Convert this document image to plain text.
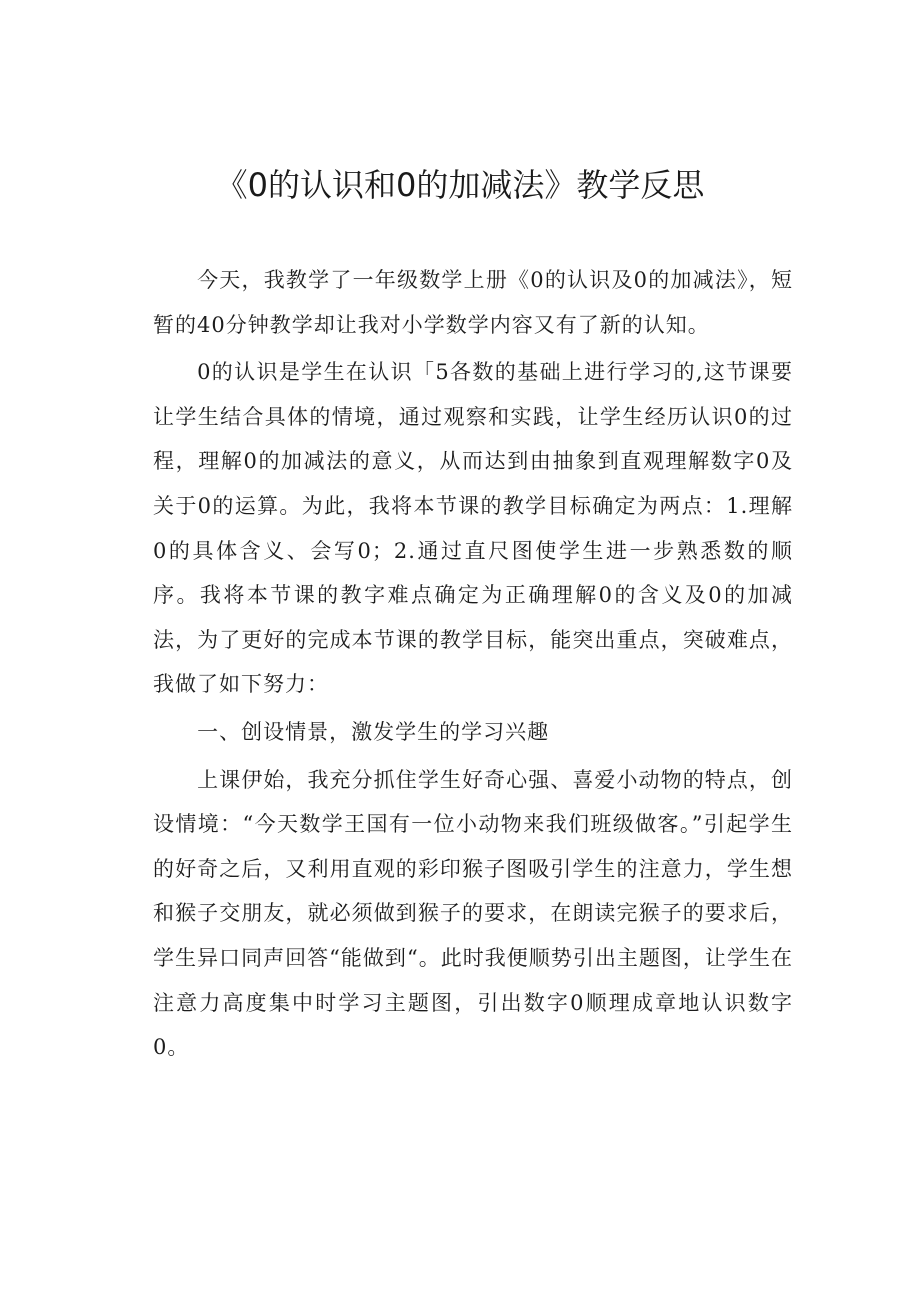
《0的认识和0的加减法》教学反思

今天，我教学了一年级数学上册《0的认识及0的加减法》，短暂的40分钟教学却让我对小学数学内容又有了新的认知。

0的认识是学生在认识「5各数的基础上进行学习的,这节课要让学生结合具体的情境，通过观察和实践，让学生经历认识0的过程，理解0的加减法的意义，从而达到由抽象到直观理解数字0及关于0的运算。为此，我将本节课的教学目标确定为两点：1.理解0的具体含义、会写0；2.通过直尺图使学生进一步熟悉数的顺序。我将本节课的教字难点确定为正确理解0的含义及0的加减法，为了更好的完成本节课的教学目标，能突出重点，突破难点，我做了如下努力：

一、创设情景，激发学生的学习兴趣

上课伊始，我充分抓住学生好奇心强、喜爱小动物的特点，创设情境：“今天数学王国有一位小动物来我们班级做客。”引起学生的好奇之后，又利用直观的彩印猴子图吸引学生的注意力，学生想和猴子交朋友，就必须做到猴子的要求，在朗读完猴子的要求后，学生异口同声回答“能做到“。此时我便顺势引出主题图，让学生在注意力高度集中时学习主题图，引出数字0顺理成章地认识数字0。
